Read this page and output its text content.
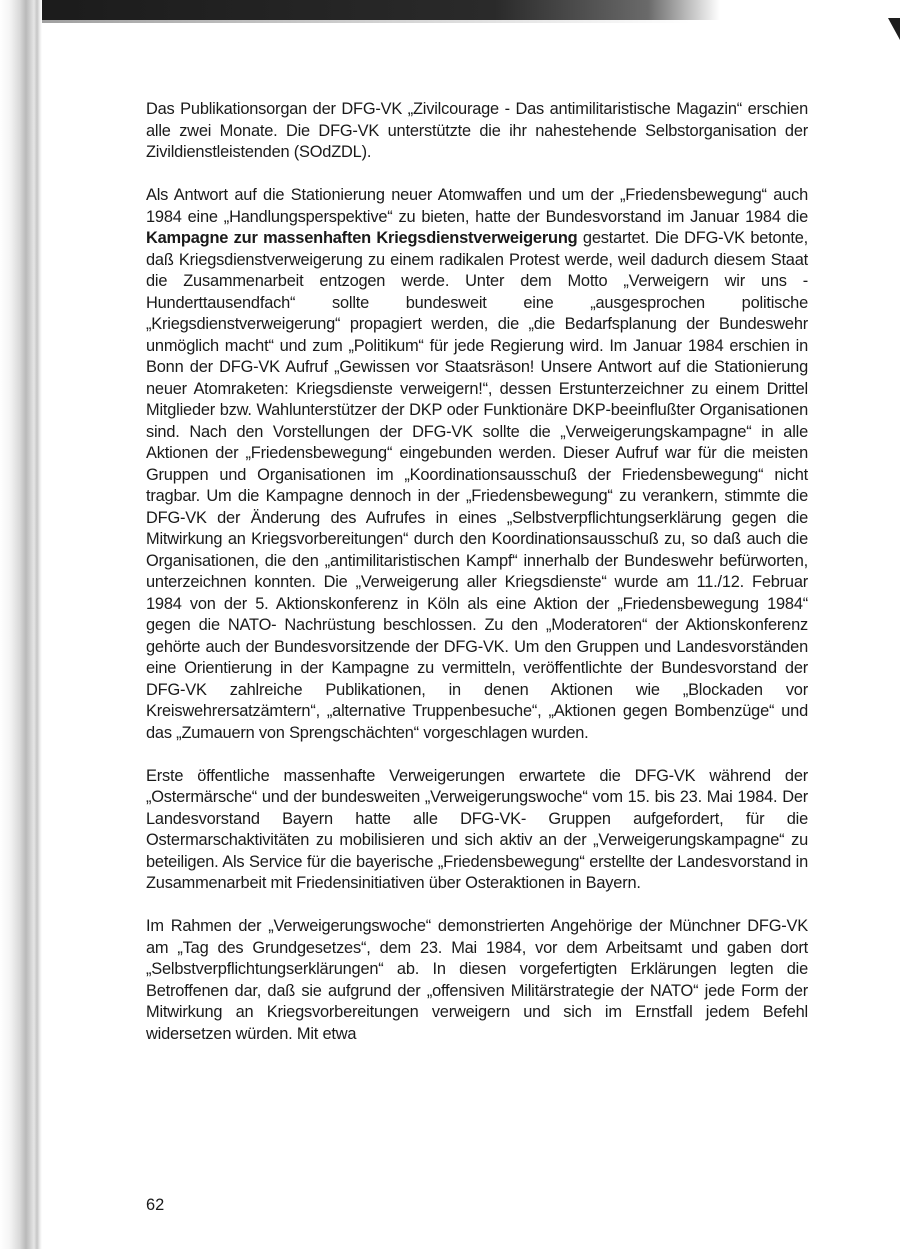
Das Publikationsorgan der DFG-VK „Zivilcourage - Das antimilitaristische Magazin“ erschien alle zwei Monate. Die DFG-VK unterstützte die ihr nahestehende Selbstorganisation der Zivildienstleistenden (SOdZDL).

Als Antwort auf die Stationierung neuer Atomwaffen und um der „Friedensbewegung“ auch 1984 eine „Handlungsperspektive“ zu bieten, hatte der Bundesvorstand im Januar 1984 die Kampagne zur massenhaften Kriegsdienstverweigerung gestartet. Die DFG-VK betonte, daß Kriegsdienstverweigerung zu einem radikalen Protest werde, weil dadurch diesem Staat die Zusammenarbeit entzogen werde. Unter dem Motto „Verweigern wir uns - Hunderttausendfach“ sollte bundesweit eine „ausgesprochen politische „Kriegsdienstverweigerung“ propagiert werden, die „die Bedarfsplanung der Bundeswehr unmöglich macht“ und zum „Politikum“ für jede Regierung wird. Im Januar 1984 erschien in Bonn der DFG-VK Aufruf „Gewissen vor Staatsräson! Unsere Antwort auf die Stationierung neuer Atomraketen: Kriegsdienste verweigern!“, dessen Erstunterzeichner zu einem Drittel Mitglieder bzw. Wahlunterstützer der DKP oder Funktionäre DKP-beeinflußter Organisationen sind. Nach den Vorstellungen der DFG-VK sollte die „Verweigerungskampagne“ in alle Aktionen der „Friedensbewegung“ eingebunden werden. Dieser Aufruf war für die meisten Gruppen und Organisationen im „Koordinationsausschuß der Friedensbewegung“ nicht tragbar. Um die Kampagne dennoch in der „Friedensbewegung“ zu verankern, stimmte die DFG-VK der Änderung des Aufrufes in eines „Selbstverpflichtungserklärung gegen die Mitwirkung an Kriegsvorbereitungen“ durch den Koordinationsausschuß zu, so daß auch die Organisationen, die den „antimilitaristischen Kampf“ innerhalb der Bundeswehr befürworten, unterzeichnen konnten. Die „Verweigerung aller Kriegsdienste“ wurde am 11./12. Februar 1984 von der 5. Aktionskonferenz in Köln als eine Aktion der „Friedensbewegung 1984“ gegen die NATO- Nachrüstung beschlossen. Zu den „Moderatoren“ der Aktionskonferenz gehörte auch der Bundesvorsitzende der DFG-VK. Um den Gruppen und Landesvorständen eine Orientierung in der Kampagne zu vermitteln, veröffentlichte der Bundesvorstand der DFG-VK zahlreiche Publikationen, in denen Aktionen wie „Blockaden vor Kreiswehrersatzämtern“, „alternative Truppenbesuche“, „Aktionen gegen Bombenzüge“ und das „Zumauern von Sprengschächten“ vorgeschlagen wurden.

Erste öffentliche massenhafte Verweigerungen erwartete die DFG-VK während der „Ostermärsche“ und der bundesweiten „Verweigerungswoche“ vom 15. bis 23. Mai 1984. Der Landesvorstand Bayern hatte alle DFG-VK- Gruppen aufgefordert, für die Ostermarschaktivitäten zu mobilisieren und sich aktiv an der „Verweigerungskampagne“ zu beteiligen. Als Service für die bayerische „Friedensbewegung“ erstellte der Landesvorstand in Zusammenarbeit mit Friedensinitiativen über Osteraktionen in Bayern.

Im Rahmen der „Verweigerungswoche“ demonstrierten Angehörige der Münchner DFG-VK am „Tag des Grundgesetzes“, dem 23. Mai 1984, vor dem Arbeitsamt und gaben dort „Selbstverpflichtungserklärungen“ ab. In diesen vorgefertigten Erklärungen legten die Betroffenen dar, daß sie aufgrund der „offensiven Militärstrategie der NATO“ jede Form der Mitwirkung an Kriegsvorbereitungen verweigern und sich im Ernstfall jedem Befehl widersetzen würden. Mit etwa

62
